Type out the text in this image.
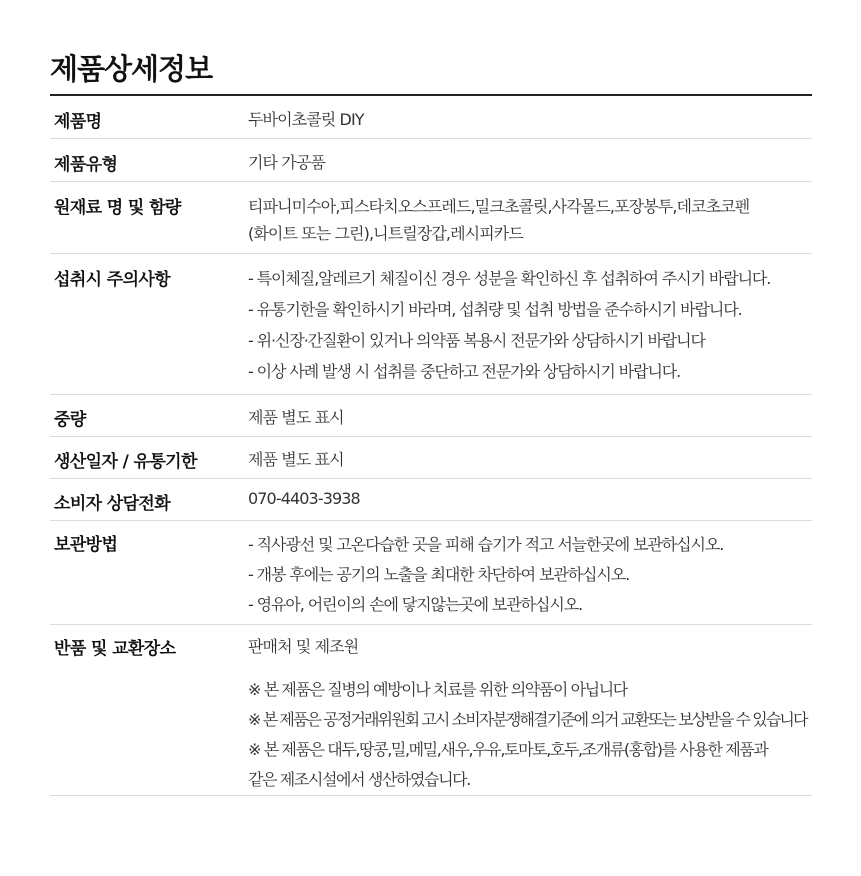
제품상세정보
제품명	두바이초콜릿 DIY
제품유형	기타 가공품
원재료 명 및 함량	티파니미수아,피스타치오스프레드,밀크초콜릿,사각몰드,포장봉투,데코초코펜
(화이트 또는 그린),니트릴장갑,레시피카드
섭취시 주의사항	- 특이체질,알레르기 체질이신 경우 성분을 확인하신 후 섭취하여 주시기 바랍니다.
- 유통기한을 확인하시기 바라며, 섭취량 및 섭취 방법을 준수하시기 바랍니다.
- 위·신장·간질환이 있거나 의약품 복용시 전문가와 상담하시기 바랍니다
- 이상 사례 발생 시 섭취를 중단하고 전문가와 상담하시기 바랍니다.
중량	제품 별도 표시
생산일자 / 유통기한	제품 별도 표시
소비자 상담전화	070-4403-3938
보관방법	- 직사광선 및 고온다습한 곳을 피해 습기가 적고 서늘한곳에 보관하십시오.
- 개봉 후에는 공기의 노출을 최대한 차단하여 보관하십시오.
- 영유아, 어린이의 손에 닿지않는곳에 보관하십시오.
반품 및 교환장소	판매처 및 제조원
※ 본 제품은 질병의 예방이나 치료를 위한 의약품이 아닙니다
※ 본 제품은 공정거래위원회 고시 소비자분쟁해결기준에 의거 교환또는 보상받을 수 있습니다
※ 본 제품은 대두,땅콩,밀,메밀,새우,우유,토마토,호두,조개류(홍합)를 사용한 제품과
같은 제조시설에서 생산하였습니다.
